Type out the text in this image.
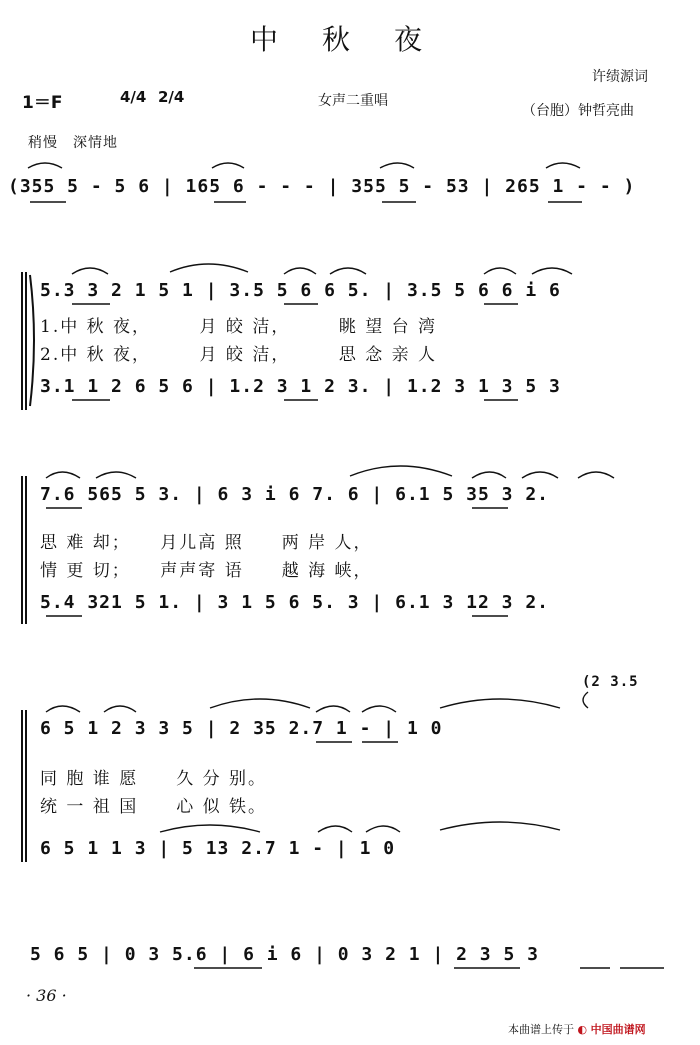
中秋夜
1＝F	4/4 2/4	女声二重唱
许绩源词
（台胞）钟哲亮曲
稍慢　深情地
(355 5 - 5 6 | 165 6 - - - | 355 5 - 53 | 265 1 - - )
5.3 3 2 1 5 1 | 3.5 5 6 6 5. | 3.5 5 6 6 i 6
1.中 秋 夜，　　　月 皎 洁，　　　眺 望 台 湾
2.中 秋 夜，　　　月 皎 洁，　　　思 念 亲 人
3.1 1 2 6 5 6 | 1.2 3 1 2 3. | 1.2 3 1 3 5 3
7.6 565 5 3. | 6 3 i 6 7. 6 | 6.1 5 35 3 2.
思 难 却；　　月儿高 照　　两 岸 人，
情 更 切；　　声声寄 语　　越 海 峡，
5.4 321 5 1. | 3 1 5 6 5. 3 | 6.1 3 12 3 2.
(2 3.5
6 5 1 2 3 3 5 | 2 35 2.7 1 - | 1 0
同 胞 谁 愿　　久 分 别。
统 一 祖 国　　心 似 铁。
6 5 1 1 3 | 5 13 2.7 1 - | 1 0
5 6 5 | 0 3 5.6 | 6 i 6 | 0 3 2 1 | 2 3 5 3
· 36 ·
本曲谱上传于 ◐ 中国曲谱网
